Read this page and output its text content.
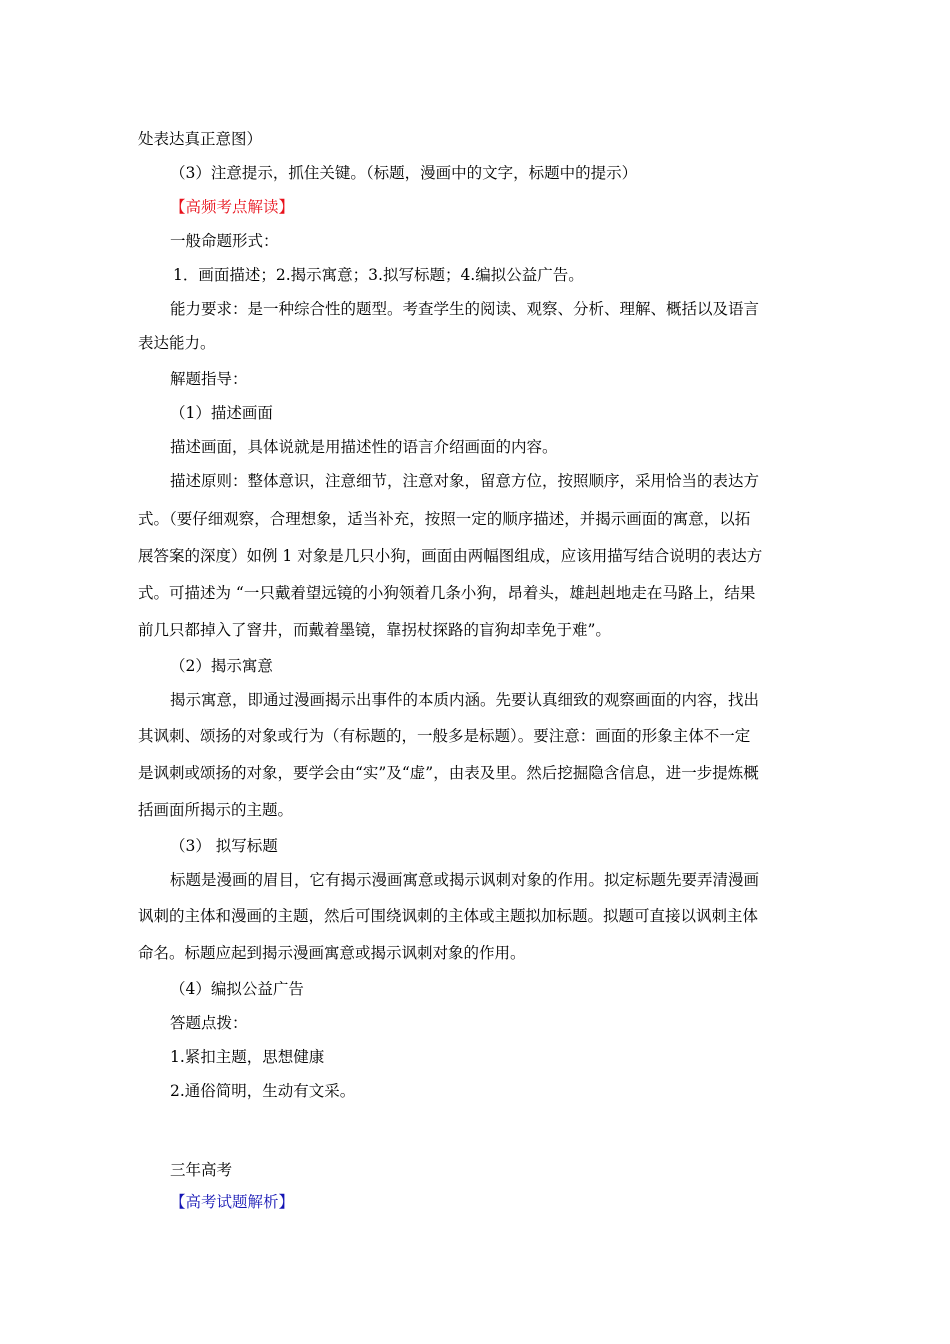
处表达真正意图）
（3）注意提示，抓住关键。（标题，漫画中的文字，标题中的提示）
【高频考点解读】
一般命题形式：
1．画面描述；2.揭示寓意；3.拟写标题；4.编拟公益广告。
能力要求：是一种综合性的题型。考查学生的阅读、观察、分析、理解、概括以及语言
表达能力。
解题指导：
（1）描述画面
描述画面，具体说就是用描述性的语言介绍画面的内容。
描述原则：整体意识，注意细节，注意对象，留意方位，按照顺序，采用恰当的表达方
式。（要仔细观察，合理想象，适当补充，按照一定的顺序描述，并揭示画面的寓意，以拓
展答案的深度）如例 1 对象是几只小狗，画面由两幅图组成，应该用描写结合说明的表达方
式。可描述为 “一只戴着望远镜的小狗领着几条小狗，昂着头，雄赳赳地走在马路上，结果
前几只都掉入了窨井，而戴着墨镜，靠拐杖探路的盲狗却幸免于难”。
（2）揭示寓意
揭示寓意，即通过漫画揭示出事件的本质内涵。先要认真细致的观察画面的内容，找出
其讽刺、颂扬的对象或行为（有标题的，一般多是标题）。要注意：画面的形象主体不一定
是讽刺或颂扬的对象，要学会由“实”及“虚”，由表及里。然后挖掘隐含信息，进一步提炼概
括画面所揭示的主题。
（3） 拟写标题
标题是漫画的眉目，它有揭示漫画寓意或揭示讽刺对象的作用。拟定标题先要弄清漫画
讽刺的主体和漫画的主题，然后可围绕讽刺的主体或主题拟加标题。拟题可直接以讽刺主体
命名。标题应起到揭示漫画寓意或揭示讽刺对象的作用。
（4）编拟公益广告
答题点拨：
1.紧扣主题，思想健康
2.通俗简明，生动有文采。
三年高考
【高考试题解析】
